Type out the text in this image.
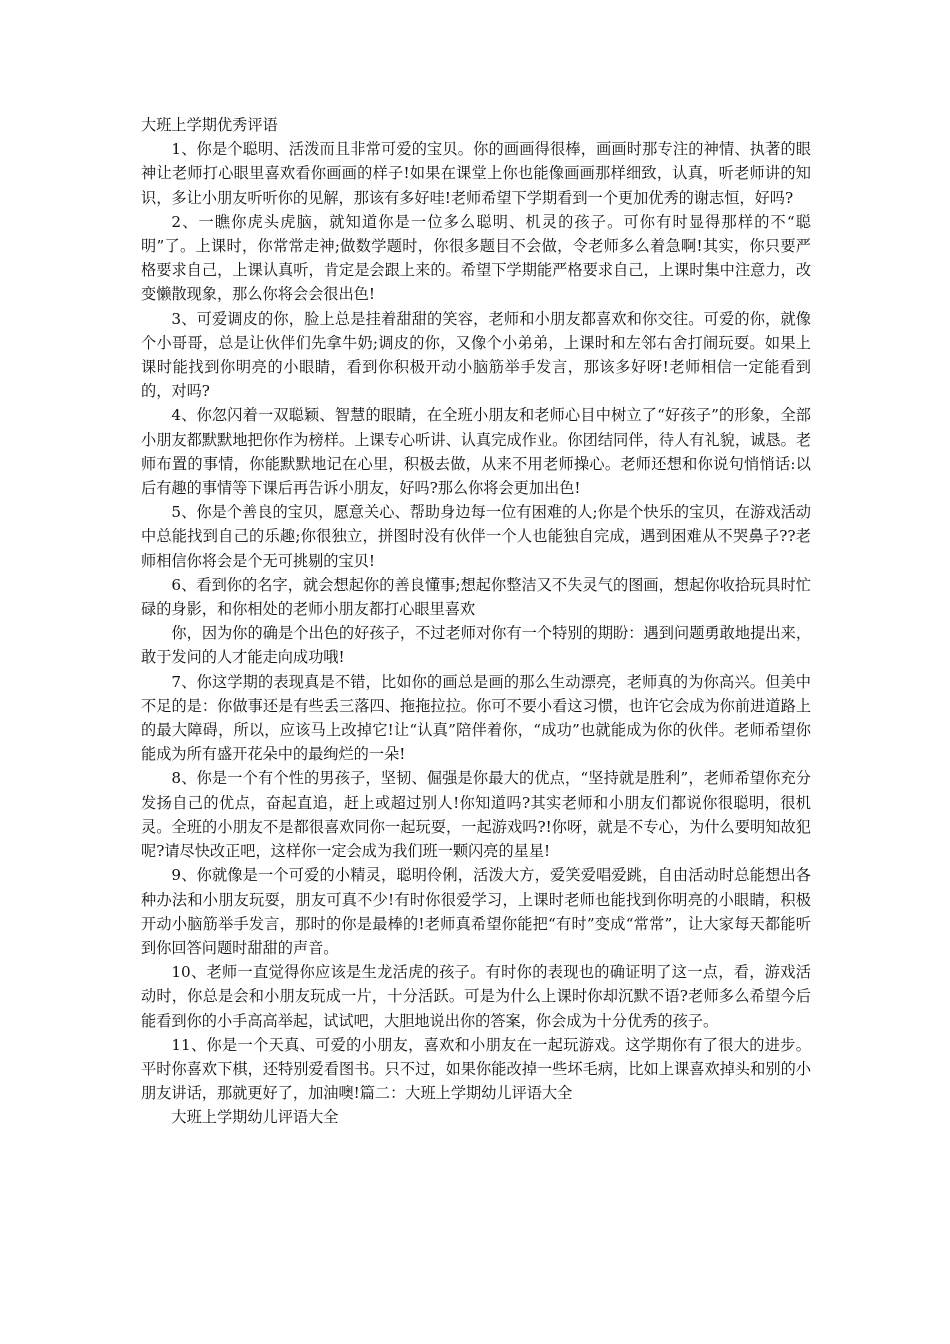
大班上学期优秀评语

1、你是个聪明、活泼而且非常可爱的宝贝。你的画画得很棒，画画时那专注的神情、执著的眼神让老师打心眼里喜欢看你画画的样子!如果在课堂上你也能像画画那样细致，认真，听老师讲的知识，多让小朋友听听你的见解，那该有多好哇!老师希望下学期看到一个更加优秀的谢志恒，好吗?

2、一瞧你虎头虎脑，就知道你是一位多么聪明、机灵的孩子。可你有时显得那样的不“聪明”了。上课时，你常常走神;做数学题时，你很多题目不会做，令老师多么着急啊!其实，你只要严格要求自己，上课认真听，肯定是会跟上来的。希望下学期能严格要求自己，上课时集中注意力，改变懒散现象，那么你将会会很出色!

3、可爱调皮的你，脸上总是挂着甜甜的笑容，老师和小朋友都喜欢和你交往。可爱的你，就像个小哥哥，总是让伙伴们先拿牛奶;调皮的你，又像个小弟弟，上课时和左邻右舍打闹玩耍。如果上课时能找到你明亮的小眼睛，看到你积极开动小脑筋举手发言，那该多好呀!老师相信一定能看到的，对吗?

4、你忽闪着一双聪颖、智慧的眼睛，在全班小朋友和老师心目中树立了“好孩子”的形象，全部小朋友都默默地把你作为榜样。上课专心听讲、认真完成作业。你团结同伴，待人有礼貌，诚恳。老师布置的事情，你能默默地记在心里，积极去做，从来不用老师操心。老师还想和你说句悄悄话:以后有趣的事情等下课后再告诉小朋友，好吗?那么你将会更加出色!

5、你是个善良的宝贝，愿意关心、帮助身边每一位有困难的人;你是个快乐的宝贝，在游戏活动中总能找到自己的乐趣;你很独立，拼图时没有伙伴一个人也能独自完成，遇到困难从不哭鼻子??老师相信你将会是个无可挑剔的宝贝!

6、看到你的名字，就会想起你的善良懂事;想起你整洁又不失灵气的图画，想起你收拾玩具时忙碌的身影，和你相处的老师小朋友都打心眼里喜欢

你，因为你的确是个出色的好孩子，不过老师对你有一个特别的期盼：遇到问题勇敢地提出来，敢于发问的人才能走向成功哦!

7、你这学期的表现真是不错，比如你的画总是画的那么生动漂亮，老师真的为你高兴。但美中不足的是：你做事还是有些丢三落四、拖拖拉拉。你可不要小看这习惯，也许它会成为你前进道路上的最大障碍，所以，应该马上改掉它!让“认真”陪伴着你，“成功”也就能成为你的伙伴。老师希望你能成为所有盛开花朵中的最绚烂的一朵!

8、你是一个有个性的男孩子，坚韧、倔强是你最大的优点，“坚持就是胜利”，老师希望你充分发扬自己的优点，奋起直追，赶上或超过别人!你知道吗?其实老师和小朋友们都说你很聪明，很机灵。全班的小朋友不是都很喜欢同你一起玩耍，一起游戏吗?!你呀，就是不专心，为什么要明知故犯呢?请尽快改正吧，这样你一定会成为我们班一颗闪亮的星星!

9、你就像是一个可爱的小精灵，聪明伶俐，活泼大方，爱笑爱唱爱跳，自由活动时总能想出各种办法和小朋友玩耍，朋友可真不少!有时你很爱学习，上课时老师也能找到你明亮的小眼睛，积极开动小脑筋举手发言，那时的你是最棒的!老师真希望你能把“有时”变成“常常”，让大家每天都能听到你回答问题时甜甜的声音。

10、老师一直觉得你应该是生龙活虎的孩子。有时你的表现也的确证明了这一点，看，游戏活动时，你总是会和小朋友玩成一片，十分活跃。可是为什么上课时你却沉默不语?老师多么希望今后能看到你的小手高高举起，试试吧，大胆地说出你的答案，你会成为十分优秀的孩子。

11、你是一个天真、可爱的小朋友，喜欢和小朋友在一起玩游戏。这学期你有了很大的进步。平时你喜欢下棋，还特别爱看图书。只不过，如果你能改掉一些坏毛病，比如上课喜欢掉头和别的小朋友讲话，那就更好了，加油噢!篇二：大班上学期幼儿评语大全

大班上学期幼儿评语大全
